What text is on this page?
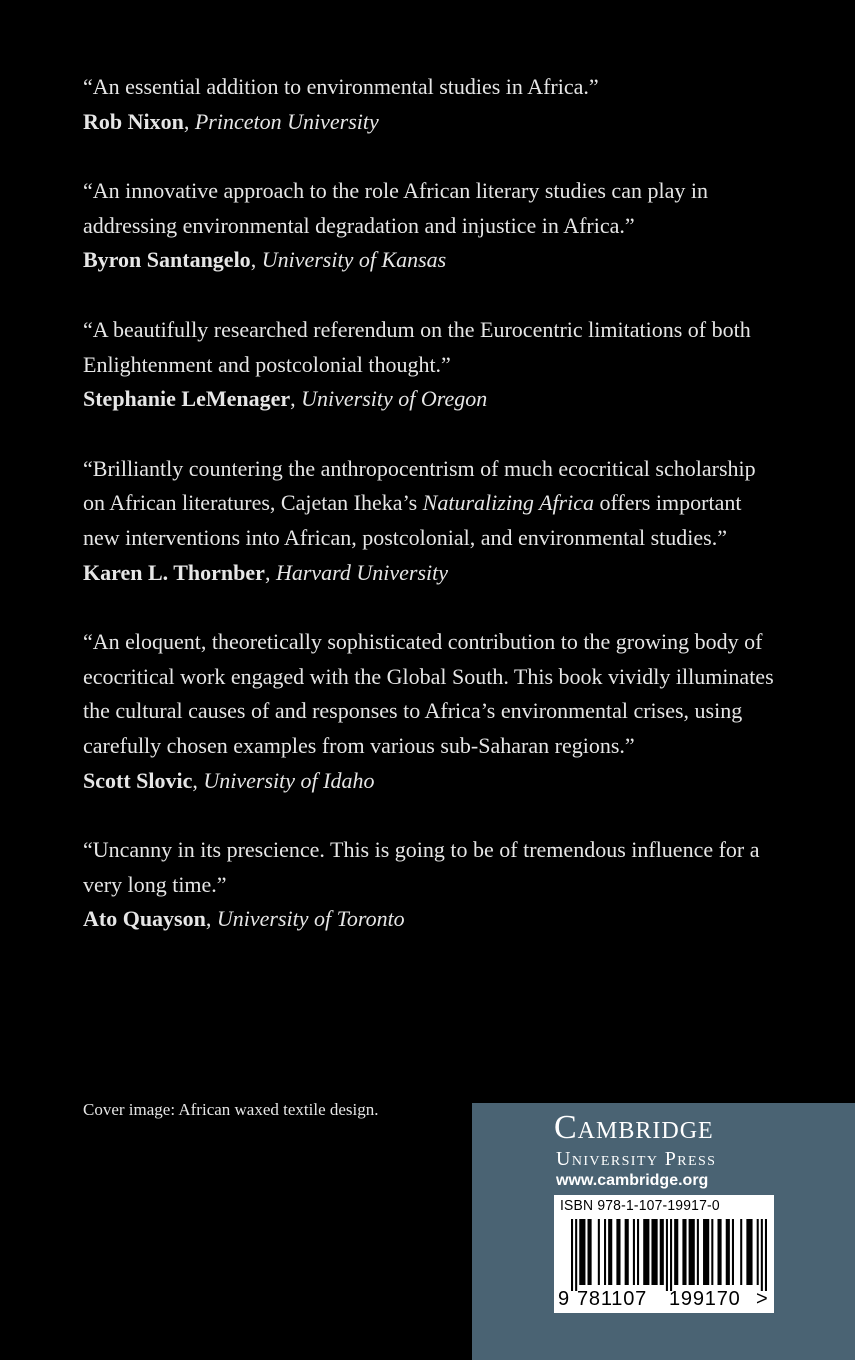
“An essential addition to environmental studies in Africa.”
Rob Nixon, Princeton University

“An innovative approach to the role African literary studies can play in addressing environmental degradation and injustice in Africa.”
Byron Santangelo, University of Kansas

“A beautifully researched referendum on the Eurocentric limitations of both Enlightenment and postcolonial thought.”
Stephanie LeMenager, University of Oregon

“Brilliantly countering the anthropocentrism of much ecocritical scholarship on African literatures, Cajetan Iheka’s Naturalizing Africa offers important new interventions into African, postcolonial, and environmental studies.”
Karen L. Thornber, Harvard University

“An eloquent, theoretically sophisticated contribution to the growing body of ecocritical work engaged with the Global South. This book vividly illuminates the cultural causes of and responses to Africa’s environmental crises, using carefully chosen examples from various sub-Saharan regions.”
Scott Slovic, University of Idaho

“Uncanny in its prescience. This is going to be of tremendous influence for a very long time.”
Ato Quayson, University of Toronto

Cover image: African waxed textile design.	Cambridge
University Press
www.cambridge.org
ISBN 978-1-107-19917-0
9 781107 199170 >
